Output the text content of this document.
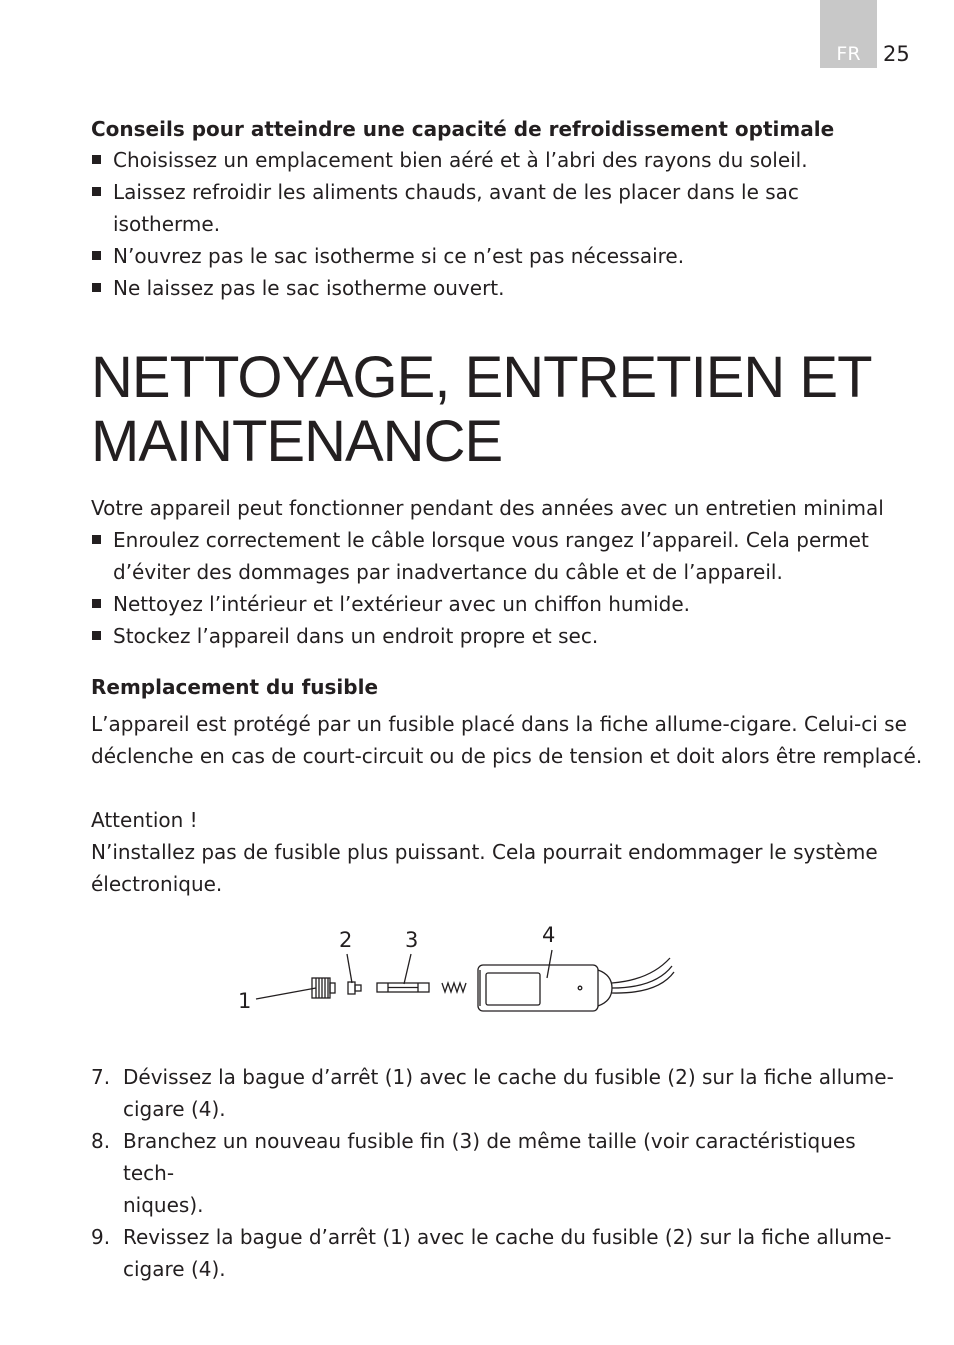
FR	25
Conseils pour atteindre une capacité de refroidissement optimale
Choisissez un emplacement bien aéré et à l’abri des rayons du soleil.
Laissez refroidir les aliments chauds, avant de les placer dans le sac isotherme.
N’ouvrez pas le sac isotherme si ce n’est pas nécessaire.
Ne laissez pas le sac isotherme ouvert.
NETTOYAGE, ENTRETIEN ET
MAINTENANCE

Votre appareil peut fonctionner pendant des années avec un entretien minimal

Enroulez correctement le câble lorsque vous rangez l’appareil. Cela permet
d’éviter des dommages par inadvertance du câble et de l’appareil.
Nettoyez l’intérieur et l’extérieur avec un chiffon humide.
Stockez l’appareil dans un endroit propre et sec.
Remplacement du fusible

L’appareil est protégé par un fusible placé dans la fiche allume-cigare. Celui-ci se
déclenche en cas de court-circuit ou de pics de tension et doit alors être remplacé.

Attention !
N’installez pas de fusible plus puissant. Cela pourrait endommager le système
électronique.

1
2	3	4
7. Dévissez la bague d’arrêt (1) avec le cache du fusible (2) sur la fiche allume-
cigare (4).
8. Branchez un nouveau fusible fin (3) de même taille (voir caractéristiques tech-
niques).
9. Revissez la bague d’arrêt (1) avec le cache du fusible (2) sur la fiche allume-
cigare (4).
